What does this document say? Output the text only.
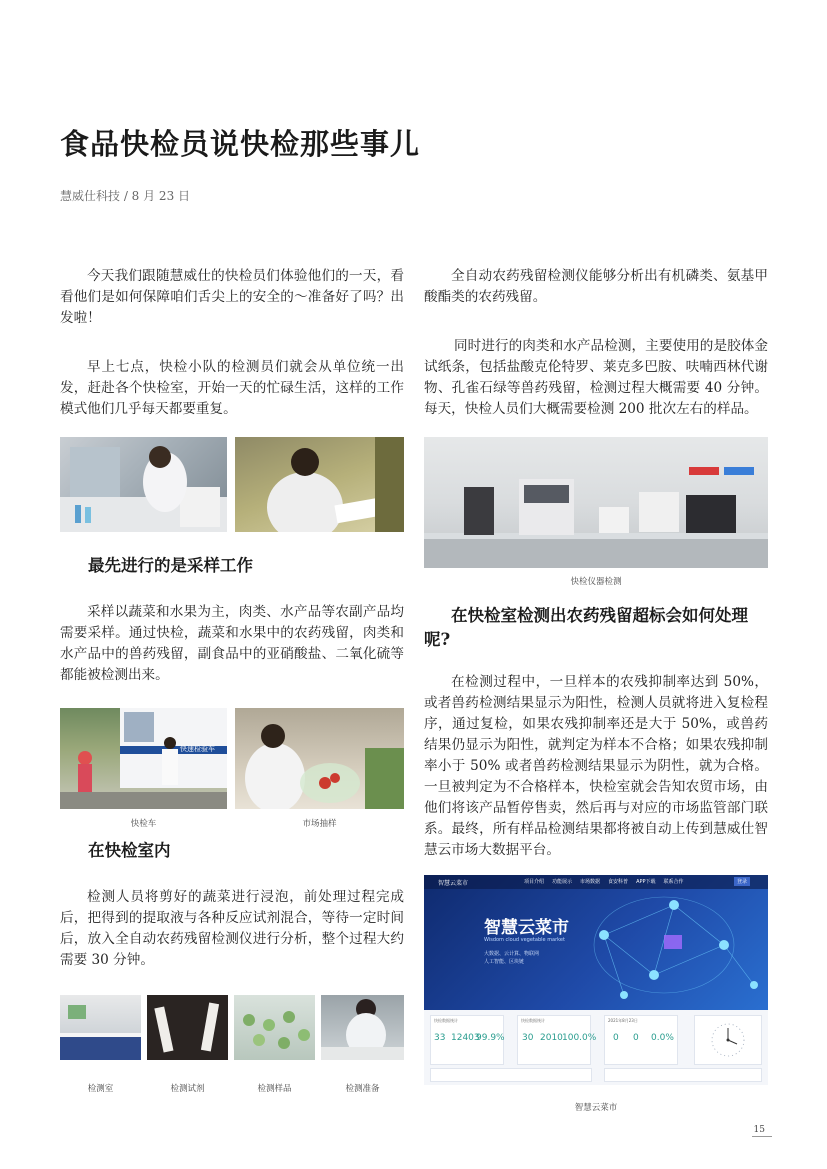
食品快检员说快检那些事儿
慧威仕科技 / 8 月 23 日
今天我们跟随慧威仕的快检员们体验他们的一天，看看他们是如何保障咱们舌尖上的安全的～准备好了吗？出发啦！
早上七点，快检小队的检测员们就会从单位统一出发，赶赴各个快检室，开始一天的忙碌生活，这样的工作模式他们几乎每天都要重复。
最先进行的是采样工作
采样以蔬菜和水果为主，肉类、水产品等农副产品均需要采样。通过快检，蔬菜和水果中的农药残留，肉类和水产品中的兽药残留，副食品中的亚硝酸盐、二氧化硫等都能被检测出来。
快速检验车
快检车	市场抽样
在快检室内
检测人员将剪好的蔬菜进行浸泡，前处理过程完成后，把得到的提取液与各种反应试剂混合，等待一定时间后，放入全自动农药残留检测仪进行分析，整个过程大约需要 30 分钟。
检测室	检测试剂	检测样品	检测准备
全自动农药残留检测仪能够分析出有机磷类、氨基甲酸酯类的农药残留。
同时进行的肉类和水产品检测，主要使用的是胶体金试纸条，包括盐酸克伦特罗、莱克多巴胺、呋喃西林代谢物、孔雀石绿等兽药残留，检测过程大概需要 40 分钟。每天，快检人员们大概需要检测 200 批次左右的样品。
快检仪器检测
在快检室检测出农药残留超标会如何处理呢?
在检测过程中，一旦样本的农残抑制率达到 50%，或者兽药检测结果显示为阳性，检测人员就将进入复检程序，通过复检，如果农残抑制率还是大于 50%，或兽药结果仍显示为阳性，就判定为样本不合格；如果农残抑制率小于 50% 或者兽药检测结果显示为阴性，就为合格。一旦被判定为不合格样本，快检室就会告知农贸市场，由他们将该产品暂停售卖，然后再与对应的市场监管部门联系。最终，所有样品检测结果都将被自动上传到慧威仕智慧云市场大数据平台。
智慧云菜市	项目介绍 功能展示 市场数据 食安科普 APP下载 联系合作	登录
智慧云菜市
Wisdom cloud vegetable market
大数据、云计算、物联网
人工智能、区块链
快检数据统计
33 12403
99.9%
快检数据统计
30 2010 100.0%
2021年8月23日
0 0 0.0%
智慧云菜市
15
